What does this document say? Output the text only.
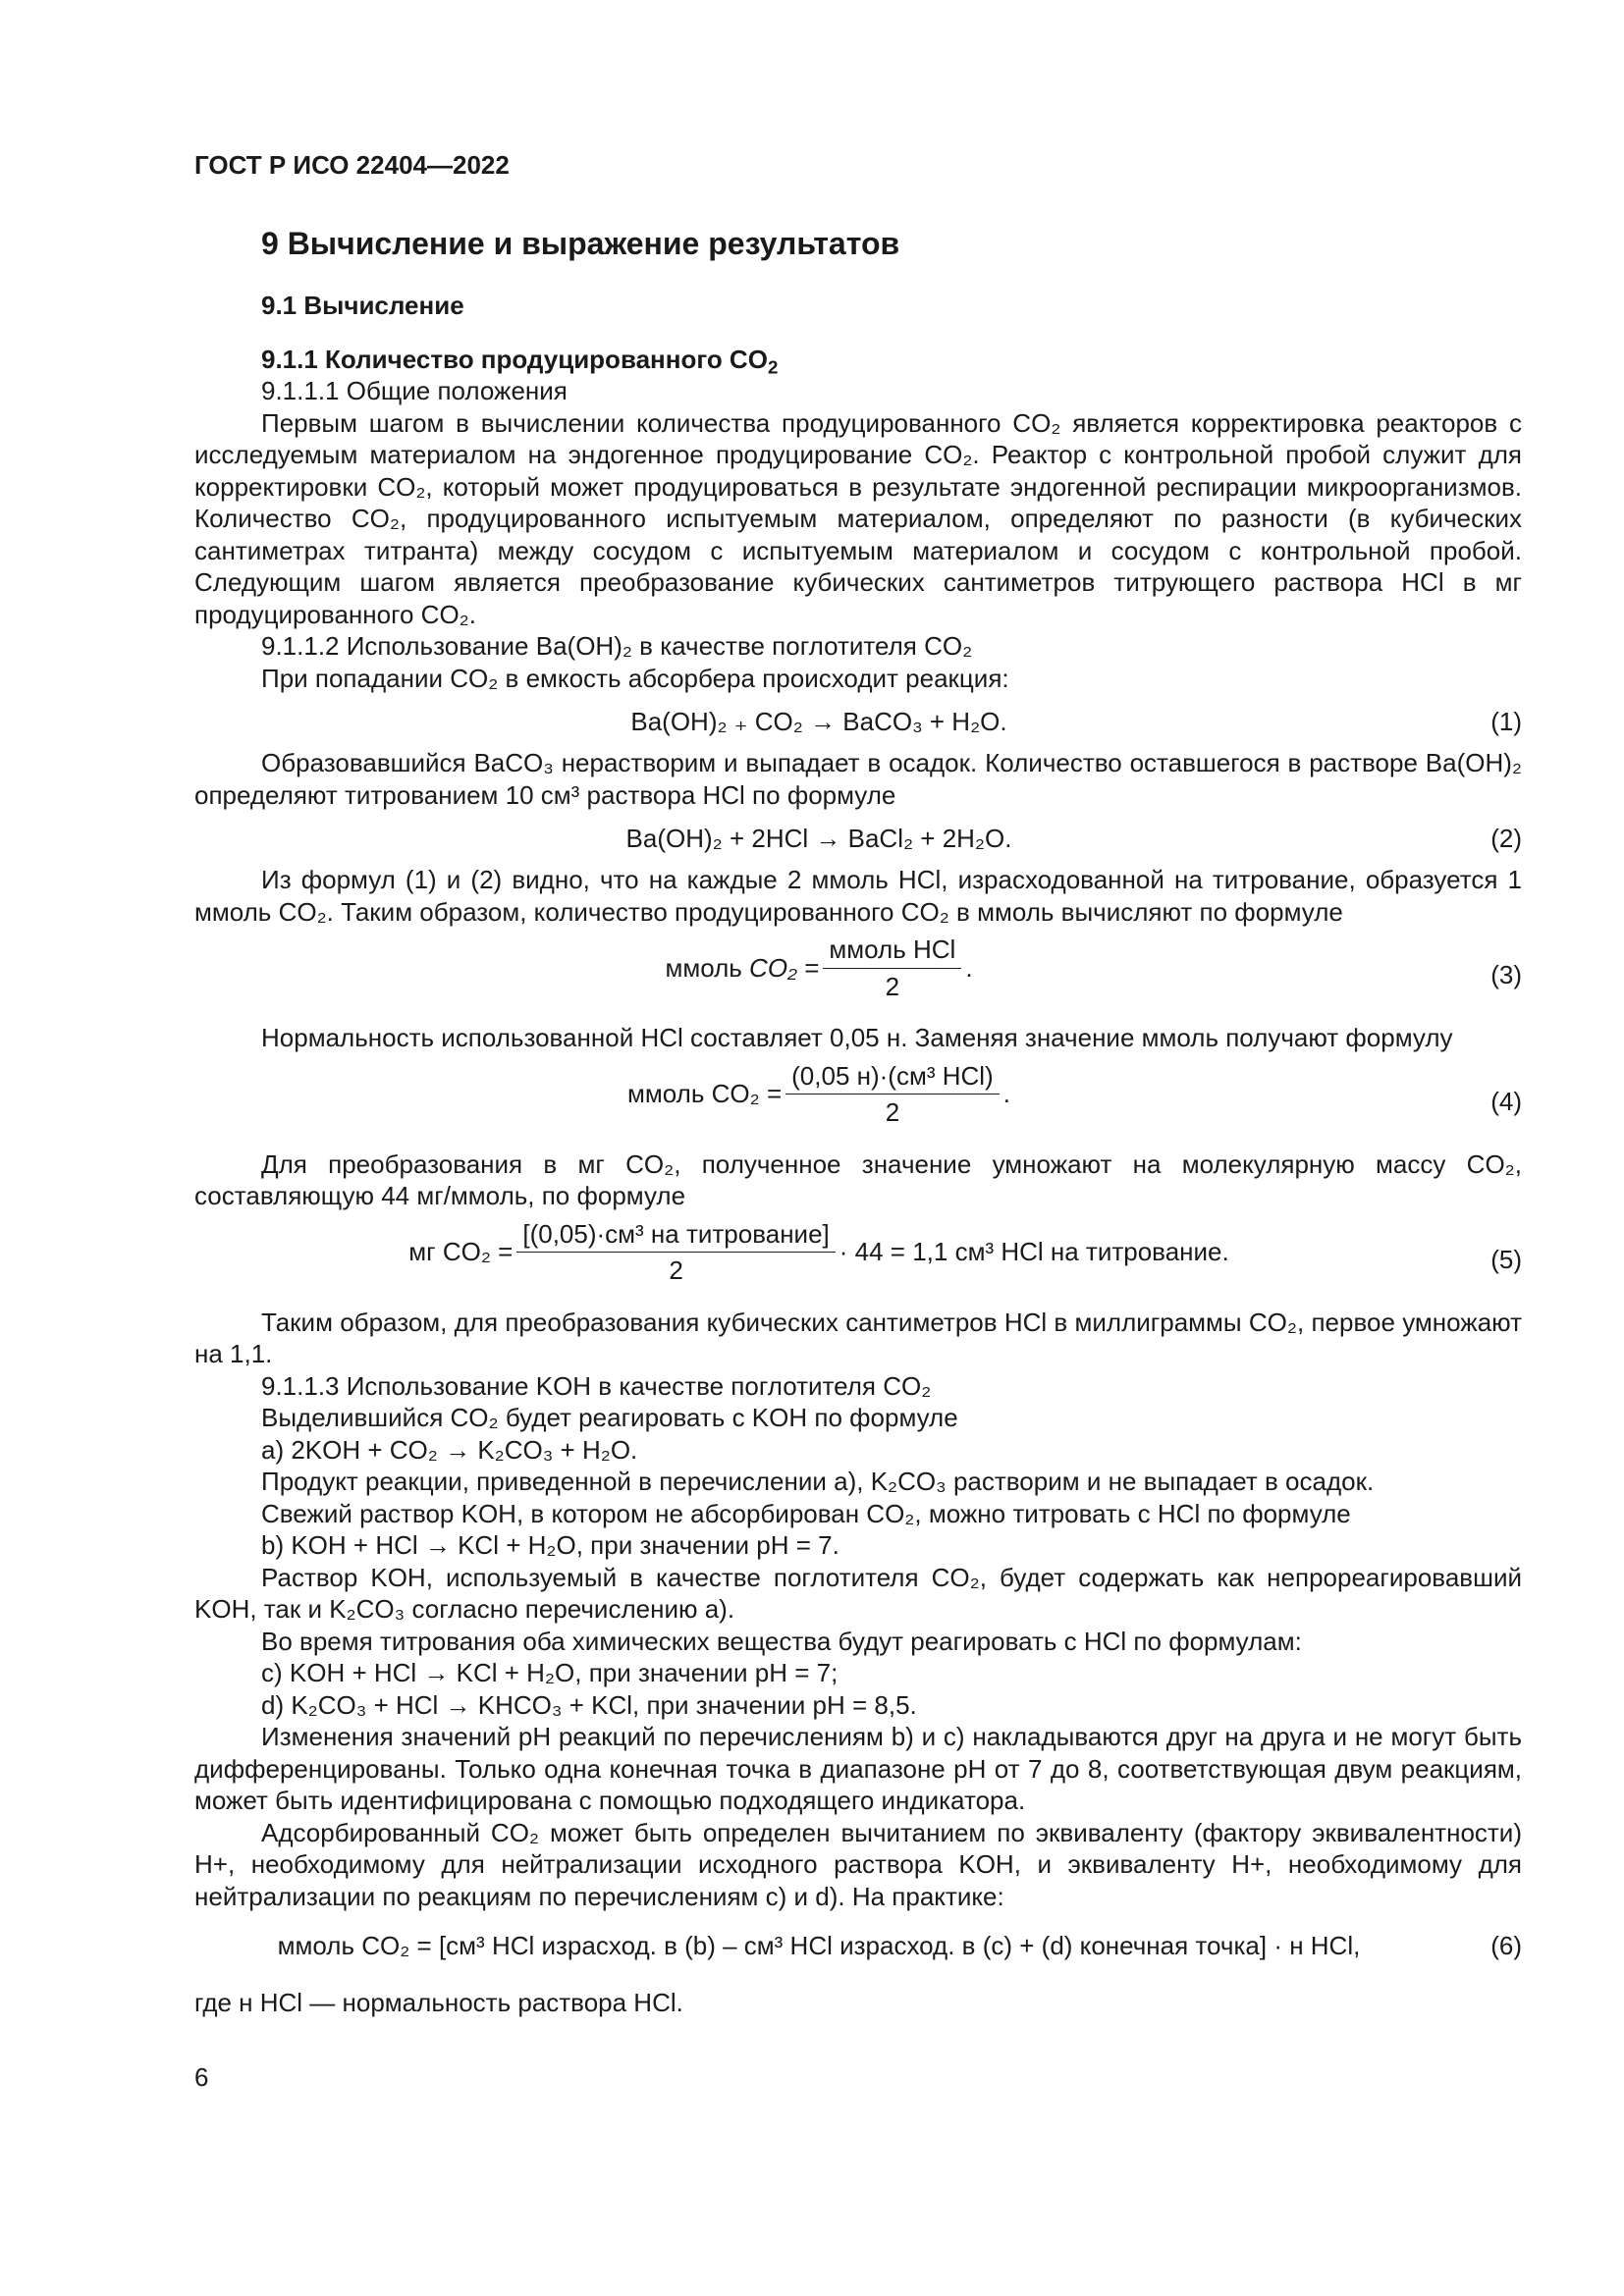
ГОСТ Р ИСО 22404—2022
9 Вычисление и выражение результатов
9.1 Вычисление
9.1.1 Количество продуцированного $CO_2$

9.1.1.1 Общие положения

Первым шагом в вычислении количества продуцированного CO₂ является корректировка реакторов с исследуемым материалом на эндогенное продуцирование CO₂. Реактор с контрольной пробой служит для корректировки CO₂, который может продуцироваться в результате эндогенной респирации микроорганизмов. Количество CO₂, продуцированного испытуемым материалом, определяют по разности (в кубических сантиметрах титранта) между сосудом с испытуемым материалом и сосудом с контрольной пробой. Следующим шагом является преобразование кубических сантиметров титрующего раствора HCl в мг продуцированного CO₂.

9.1.1.2 Использование Ba(OH)₂ в качестве поглотителя CO₂

При попадании CO₂ в емкость абсорбера происходит реакция:

Ba(OH)₂ ₊ CO₂ → BaCO₃ + H₂O.	(1)

Образовавшийся BaCO₃ нерастворим и выпадает в осадок. Количество оставшегося в растворе Ba(OH)₂ определяют титрованием 10 см³ раствора HCl по формуле

Ba(OH)₂ + 2HCl → BaCl₂ + 2H₂O.	(2)

Из формул (1) и (2) видно, что на каждые 2 ммоль HCl, израсходованной на титрование, образуется 1 ммоль CO₂. Таким образом, количество продуцированного CO₂ в ммоль вычисляют по формуле

ммоль
CO₂
= $\frac{\text{ммоль HCl}}{2}$ .	(3)

Нормальность использованной HCl составляет 0,05 н. Заменяя значение ммоль получают формулу

ммоль $CO_2 = \frac{\text{(0,05 н)·(см³ HCl)}}{2}$ .	(4)

Для преобразования в мг CO₂, полученное значение умножают на молекулярную массу CO₂, составляющую 44 мг/ммоль, по формуле

мг $CO_2 = \frac{\text{[(0,05)·см³ на титрование]}}{2} \cdot 44 = 1,1$ см³ HCl на титрование.	(5)

Таким образом, для преобразования кубических сантиметров HCl в миллиграммы CO₂, первое умножают на 1,1.

9.1.1.3 Использование KOH в качестве поглотителя CO₂

Выделившийся CO₂ будет реагировать с KOH по формуле

a) 2KOH + CO₂ → K₂CO₃ + H₂O.

Продукт реакции, приведенной в перечислении a), K₂CO₃ растворим и не выпадает в осадок.

Свежий раствор KOH, в котором не абсорбирован CO₂, можно титровать с HCl по формуле

b) KOH + HCl → KCl + H₂O, при значении pH = 7.

Раствор KOH, используемый в качестве поглотителя CO₂, будет содержать как непрореагировавший KOH, так и K₂CO₃ согласно перечислению a).

Во время титрования оба химических вещества будут реагировать с HCl по формулам:

c) KOH + HCl → KCl + H₂O, при значении pH = 7;

d) K₂CO₃ + HCl → KHCO₃ + KCl, при значении pH = 8,5.

Изменения значений pH реакций по перечислениям b) и c) накладываются друг на друга и не могут быть дифференцированы. Только одна конечная точка в диапазоне pH от 7 до 8, соответствующая двум реакциям, может быть идентифицирована с помощью подходящего индикатора.

Адсорбированный CO₂ может быть определен вычитанием по эквиваленту (фактору эквивалентности) H+, необходимому для нейтрализации исходного раствора KOH, и эквиваленту H+, необходимому для нейтрализации по реакциям по перечислениям c) и d). На практике:

ммоль CO₂ = [см³ HCl израсход. в (b) – см³ HCl израсход. в (c) + (d) конечная точка] · н HCl,	(6)

где н HCl — нормальность раствора HCl.

6
